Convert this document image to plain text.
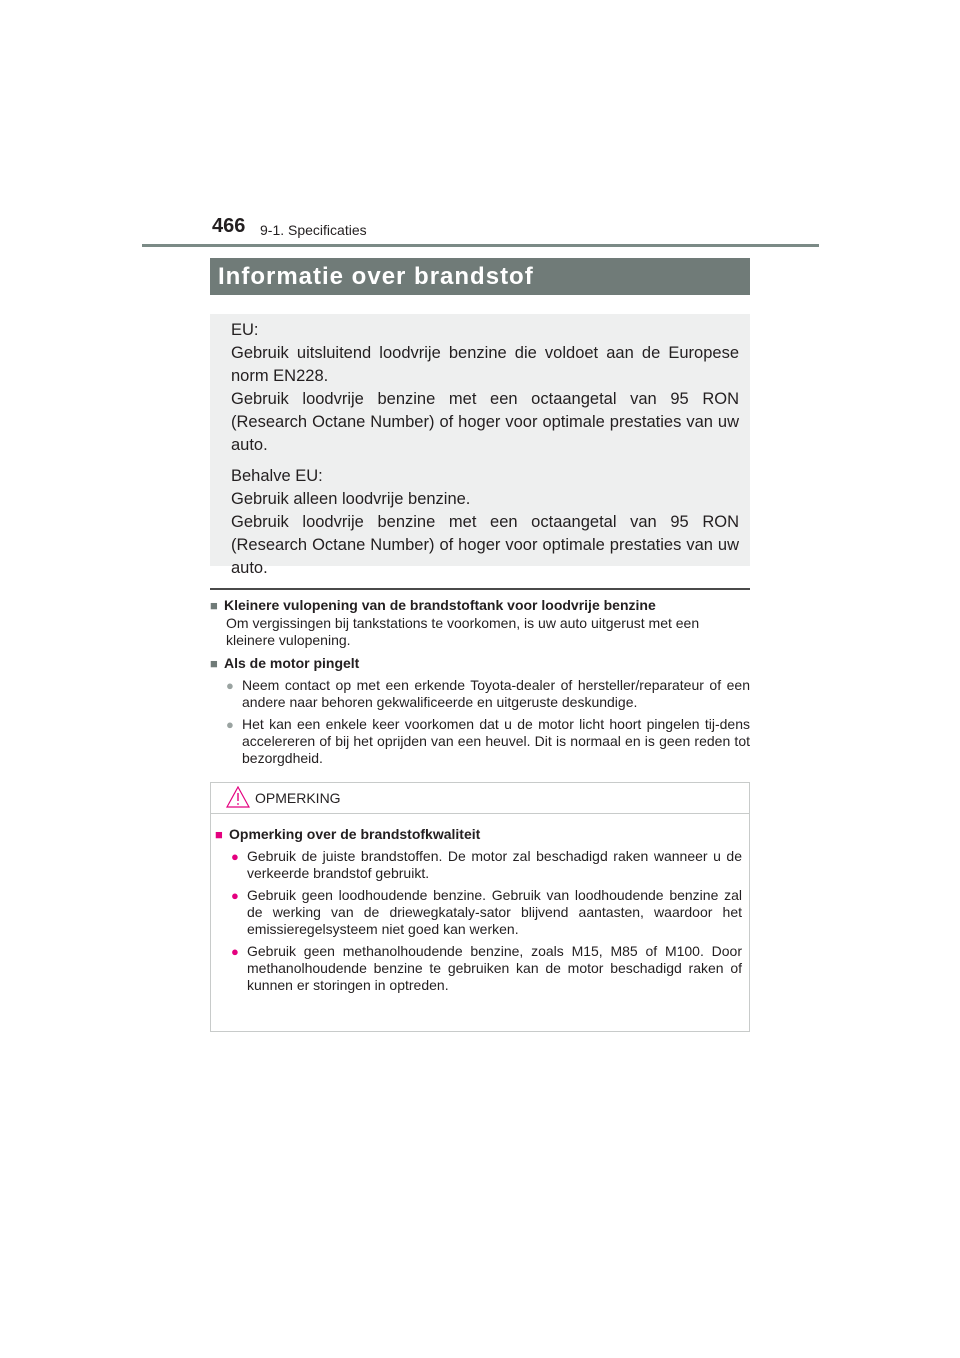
466 9-1. Specificaties
Informatie over brandstof

EU:

Gebruik uitsluitend loodvrije benzine die voldoet aan de Europese norm EN228.

Gebruik loodvrije benzine met een octaangetal van 95 RON (Research Octane Number) of hoger voor optimale prestaties van uw auto.

Behalve EU:

Gebruik alleen loodvrije benzine.

Gebruik loodvrije benzine met een octaangetal van 95 RON (Research Octane Number) of hoger voor optimale prestaties van uw auto.

■ Kleinere vulopening van de brandstoftank voor loodvrije benzine
Om vergissingen bij tankstations te voorkomen, is uw auto uitgerust met een kleinere vulopening.
■ Als de motor pingelt
● Neem contact op met een erkende Toyota-dealer of hersteller/reparateur of een andere naar behoren gekwalificeerde en uitgeruste deskundige.
● Het kan een enkele keer voorkomen dat u de motor licht hoort pingelen tij-dens accelereren of bij het oprijden van een heuvel. Dit is normaal en is geen reden tot bezorgdheid.
OPMERKING
■ Opmerking over de brandstofkwaliteit
● Gebruik de juiste brandstoffen. De motor zal beschadigd raken wanneer u de verkeerde brandstof gebruikt.
● Gebruik geen loodhoudende benzine. Gebruik van loodhoudende benzine zal de werking van de driewegkataly-sator blijvend aantasten, waardoor het emissieregelsysteem niet goed kan werken.
● Gebruik geen methanolhoudende benzine, zoals M15, M85 of M100. Door methanolhoudende benzine te gebruiken kan de motor beschadigd raken of kunnen er storingen in optreden.
